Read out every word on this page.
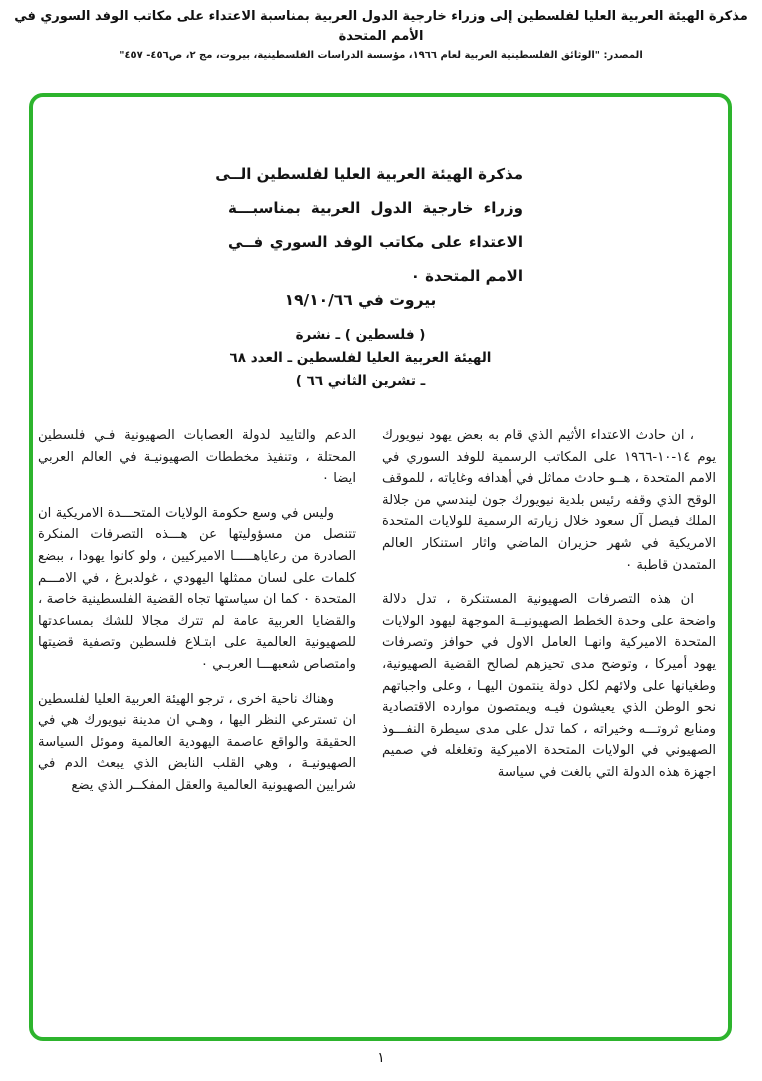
مذكرة الهيئة العربية العليا لفلسطين إلى وزراء خارجية الدول العربية بمناسبة الاعتداء على مكاتب الوفد السوري في الأمم المتحدة
المصدر: "الوثائق الفلسطينية العربية لعام ١٩٦٦، مؤسسة الدراسات الفلسطينية، بيروت، مج ٢، ص٤٥٦- ٤٥٧"
مذكرة الهيئة العربية العليا لفلسطين الــى
وزراء خارجية الدول العربية بمناسبـــة
الاعتداء على مكاتب الوفد السوري فــي
الامم المتحدة ٠
بيروت في ١٩/١٠/٦٦
( فلسطين ) ـ نشرة
الهيئة العربية العليا لفلسطين ـ العدد ٦٨
ـ تشرين الثاني ٦٦ )

، ان حادث الاعتداء الأثيم الذي قام به بعض يهود نيويورك يوم ١٤-١٠-١٩٦٦ على المكاتب الرسمية للوفد السوري في الامم المتحدة ، هــو حادث مماثل في أهدافه وغاياته ، للموقف الوقح الذي وقفه رئيس بلدية نيويورك جون ليندسي من جلالة الملك فيصل آل سعود خلال زيارته الرسمية للولايات المتحدة الامريكية في شهر حزيران الماضي واثار استنكار العالم المتمدن قاطبة ٠

ان هذه التصرفات الصهيونية المستنكرة ، تدل دلالة واضحة على وحدة الخطط الصهيونيــة الموجهة ليهود الولايات المتحدة الاميركية وانهـا العامل الاول في حوافز وتصرفات يهود أميركا ، وتوضح مدى تحيزهم لصالح القضية الصهيونية، وطغيانها على ولائهم لكل دولة ينتمون اليهـا ، وعلى واجباتهم نحو الوطن الذي يعيشون فيـه ويمتصون موارده الاقتصادية ومنابع ثروتـــه وخيراته ، كما تدل على مدى سيطرة النفـــوذ الصهيوني في الولايات المتحدة الاميركية وتغلغله في صميم اجهزة هذه الدولة التي بالغت في سياسة

الدعم والتاييد لدولة العصابات الصهيونية فـي فلسطين المحتلة ، وتنفيذ مخططات الصهيونيـة في العالم العربي ايضا ٠

وليس في وسع حكومة الولايات المتحـــدة الامريكية ان تتنصل من مسؤوليتها عن هـــذه التصرفات المنكرة الصادرة من رعاياهـــــا الاميركيين ، ولو كانوا يهودا ، ببضع كلمات على لسان ممثلها اليهودي ، غولدبرغ ، في الامـــم المتحدة ٠ كما ان سياستها تجاه القضية الفلسطينية خاصة ، والقضايا العربية عامة لم تترك مجالا للشك بمساعدتها للصهيونية العالمية على ابتـلاع فلسطين وتصفية قضيتها وامتصاص شعبهـــا العربـي ٠

وهناك ناحية اخرى ، ترجو الهيئة العربية العليا لفلسطين ان تسترعي النظر اليها ، وهـي ان مدينة نيويورك هي في الحقيقة والواقع عاصمة اليهودية العالمية وموئل السياسة الصهيونيـة ، وهي القلب النابض الذي يبعث الدم في شرايين الصهيونية العالمية والعقل المفكــر الذي يضع

١
